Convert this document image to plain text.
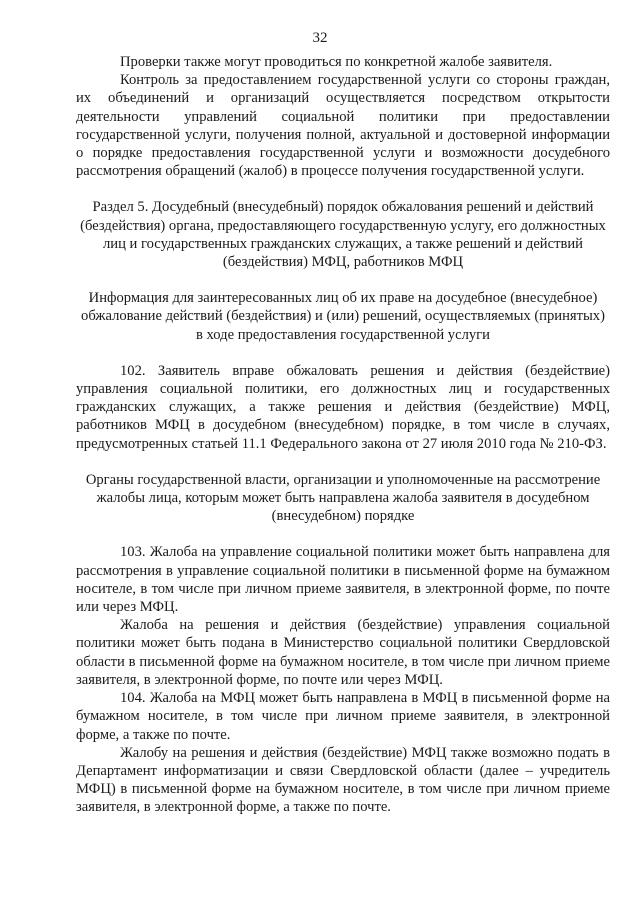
32

Проверки также могут проводиться по конкретной жалобе заявителя.

Контроль за предоставлением государственной услуги со стороны граждан, их объединений и организаций осуществляется посредством открытости деятельности управлений социальной политики при предоставлении государственной услуги, получения полной, актуальной и достоверной информации о порядке предоставления государственной услуги и возможности досудебного рассмотрения обращений (жалоб) в процессе получения государственной услуги.

Раздел 5. Досудебный (внесудебный) порядок обжалования решений и действий (бездействия) органа, предоставляющего государственную услугу, его должностных лиц и государственных гражданских служащих, а также решений и действий (бездействия) МФЦ, работников МФЦ

Информация для заинтересованных лиц об их праве на досудебное (внесудебное) обжалование действий (бездействия) и (или) решений, осуществляемых (принятых) в ходе предоставления государственной услуги

102. Заявитель вправе обжаловать решения и действия (бездействие) управления социальной политики, его должностных лиц и государственных гражданских служащих, а также решения и действия (бездействие) МФЦ, работников МФЦ в досудебном (внесудебном) порядке, в том числе в случаях, предусмотренных статьей 11.1 Федерального закона от 27 июля 2010 года № 210-ФЗ.

Органы государственной власти, организации и уполномоченные на рассмотрение жалобы лица, которым может быть направлена жалоба заявителя в досудебном (внесудебном) порядке

103. Жалоба на управление социальной политики может быть направлена для рассмотрения в управление социальной политики в письменной форме на бумажном носителе, в том числе при личном приеме заявителя, в электронной форме, по почте или через МФЦ.

Жалоба на решения и действия (бездействие) управления социальной политики может быть подана в Министерство социальной политики Свердловской области в письменной форме на бумажном носителе, в том числе при личном приеме заявителя, в электронной форме, по почте или через МФЦ.

104. Жалоба на МФЦ может быть направлена в МФЦ в письменной форме на бумажном носителе, в том числе при личном приеме заявителя, в электронной форме, а также по почте.

Жалобу на решения и действия (бездействие) МФЦ также возможно подать в Департамент информатизации и связи Свердловской области (далее – учредитель МФЦ) в письменной форме на бумажном носителе, в том числе при личном приеме заявителя, в электронной форме, а также по почте.
